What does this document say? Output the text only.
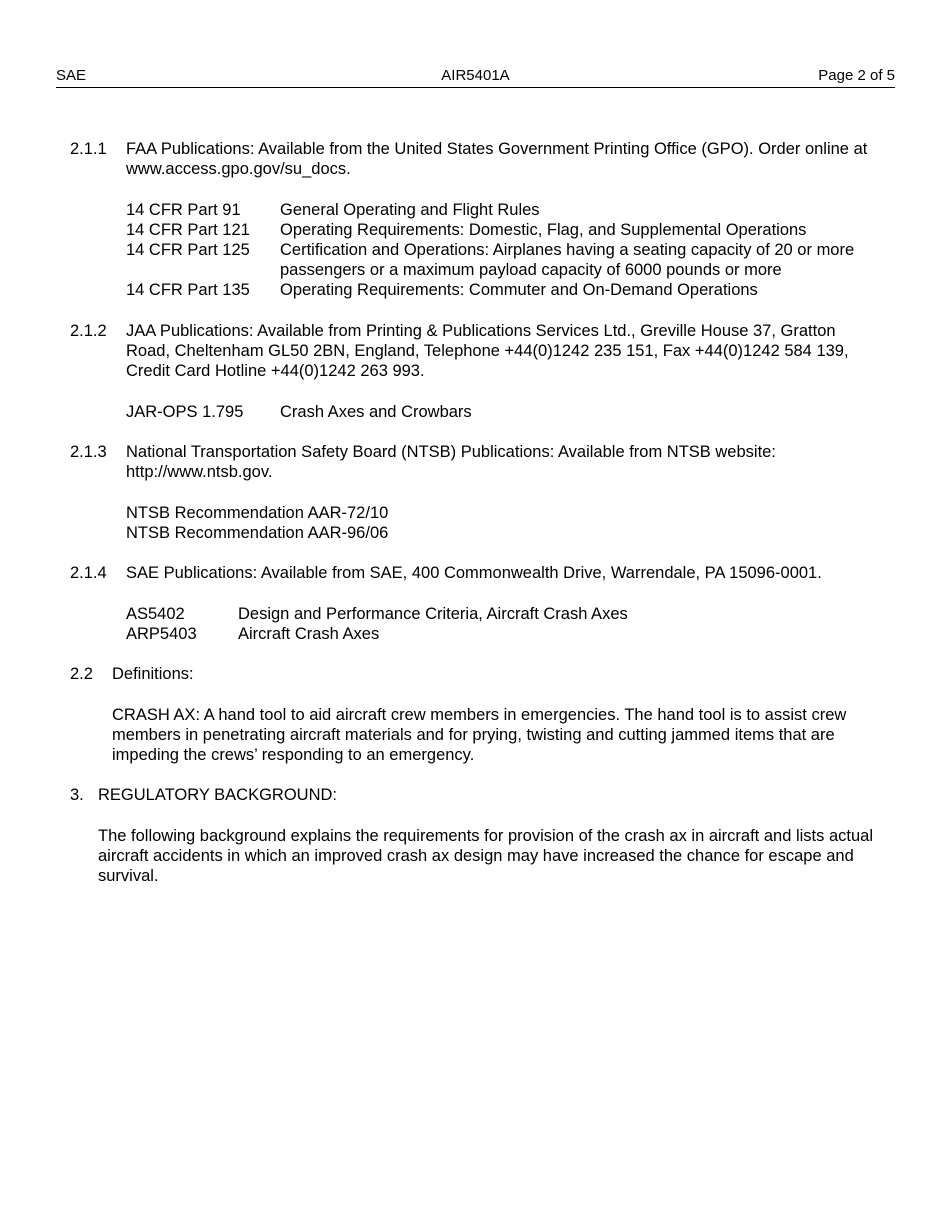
SAE	AIR5401A	Page 2 of 5
2.1.1	FAA Publications: Available from the United States Government Printing Office (GPO). Order online at www.access.gpo.gov/su_docs.

14 CFR Part 91	General Operating and Flight Rules
14 CFR Part 121	Operating Requirements: Domestic, Flag, and Supplemental Operations
14 CFR Part 125	Certification and Operations: Airplanes having a seating capacity of 20 or more passengers or a maximum payload capacity of 6000 pounds or more
14 CFR Part 135	Operating Requirements: Commuter and On-Demand Operations
2.1.2	JAA Publications: Available from Printing & Publications Services Ltd., Greville House 37, Gratton Road, Cheltenham GL50 2BN, England, Telephone +44(0)1242 235 151, Fax +44(0)1242 584 139, Credit Card Hotline +44(0)1242 263 993.

JAR-OPS 1.795	Crash Axes and Crowbars
2.1.3	National Transportation Safety Board (NTSB) Publications: Available from NTSB website: http://www.ntsb.gov.

NTSB Recommendation AAR-72/10
NTSB Recommendation AAR-96/06
2.1.4	SAE Publications: Available from SAE, 400 Commonwealth Drive, Warrendale, PA 15096-0001.

AS5402	Design and Performance Criteria, Aircraft Crash Axes
ARP5403	Aircraft Crash Axes
2.2	Definitions:

CRASH AX: A hand tool to aid aircraft crew members in emergencies. The hand tool is to assist crew members in penetrating aircraft materials and for prying, twisting and cutting jammed items that are impeding the crews’ responding to an emergency.

3. REGULATORY BACKGROUND:

The following background explains the requirements for provision of the crash ax in aircraft and lists actual aircraft accidents in which an improved crash ax design may have increased the chance for escape and survival.
